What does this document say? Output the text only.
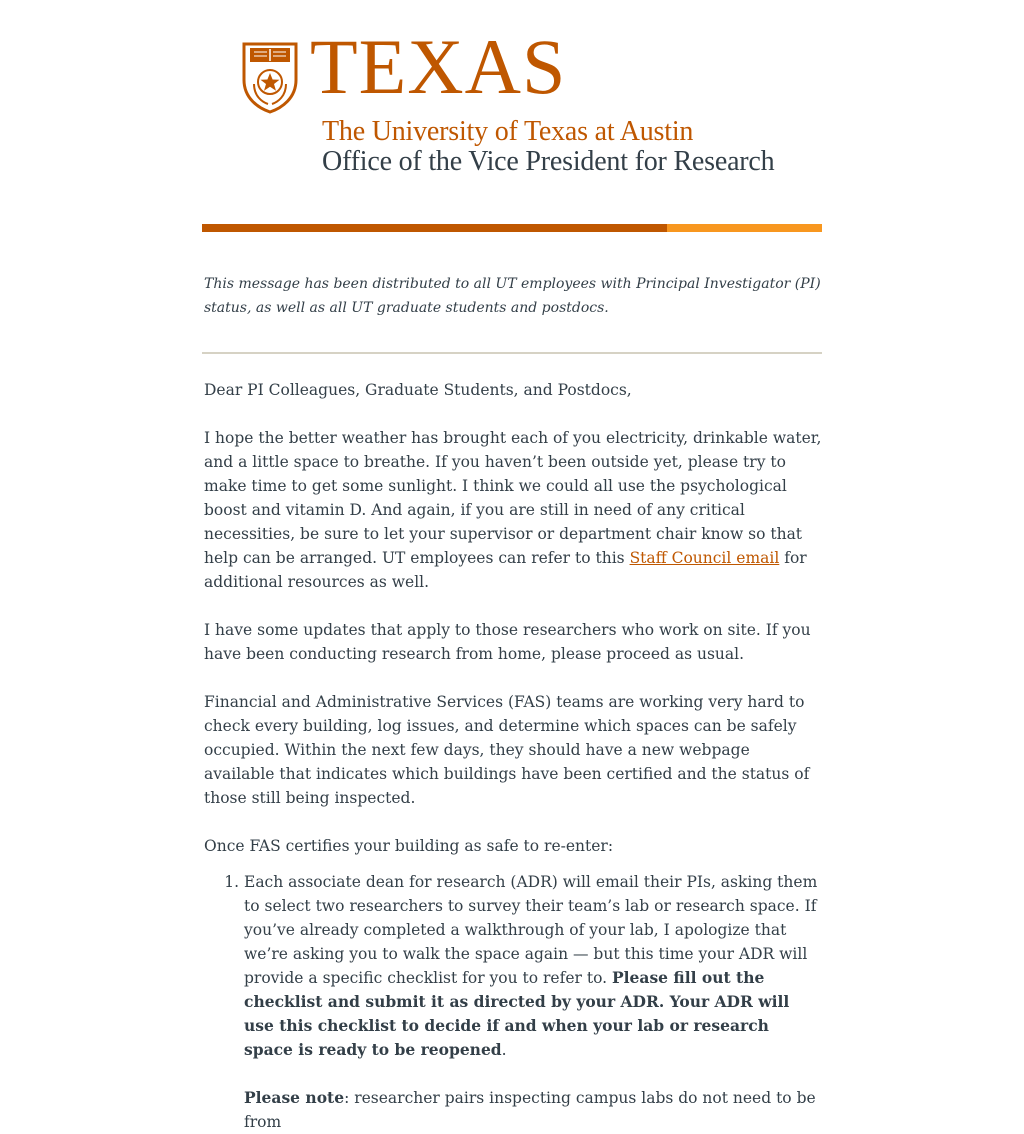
TEXAS
The University of Texas at Austin
Office of the Vice President for Research
This message has been distributed to all UT employees with Principal Investigator (PI) status, as well as all UT graduate students and postdocs.

Dear PI Colleagues, Graduate Students, and Postdocs,

I hope the better weather has brought each of you electricity, drinkable water, and a little space to breathe. If you haven’t been outside yet, please try to make time to get some sunlight. I think we could all use the psychological boost and vitamin D. And again, if you are still in need of any critical necessities, be sure to let your supervisor or department chair know so that help can be arranged. UT employees can refer to this Staff Council email for additional resources as well.

I have some updates that apply to those researchers who work on site. If you have been conducting research from home, please proceed as usual.

Financial and Administrative Services (FAS) teams are working very hard to check every building, log issues, and determine which spaces can be safely occupied. Within the next few days, they should have a new webpage available that indicates which buildings have been certified and the status of those still being inspected.

Once FAS certifies your building as safe to re-enter:

1. Each associate dean for research (ADR) will email their PIs, asking them to select two researchers to survey their team’s lab or research space. If you’ve already completed a walkthrough of your lab, I apologize that we’re asking you to walk the space again — but this time your ADR will provide a specific checklist for you to refer to. Please fill out the checklist and submit it as directed by your ADR. Your ADR will use this checklist to decide if and when your lab or research space is ready to be reopened.
Please note: researcher pairs inspecting campus labs do not need to be from
